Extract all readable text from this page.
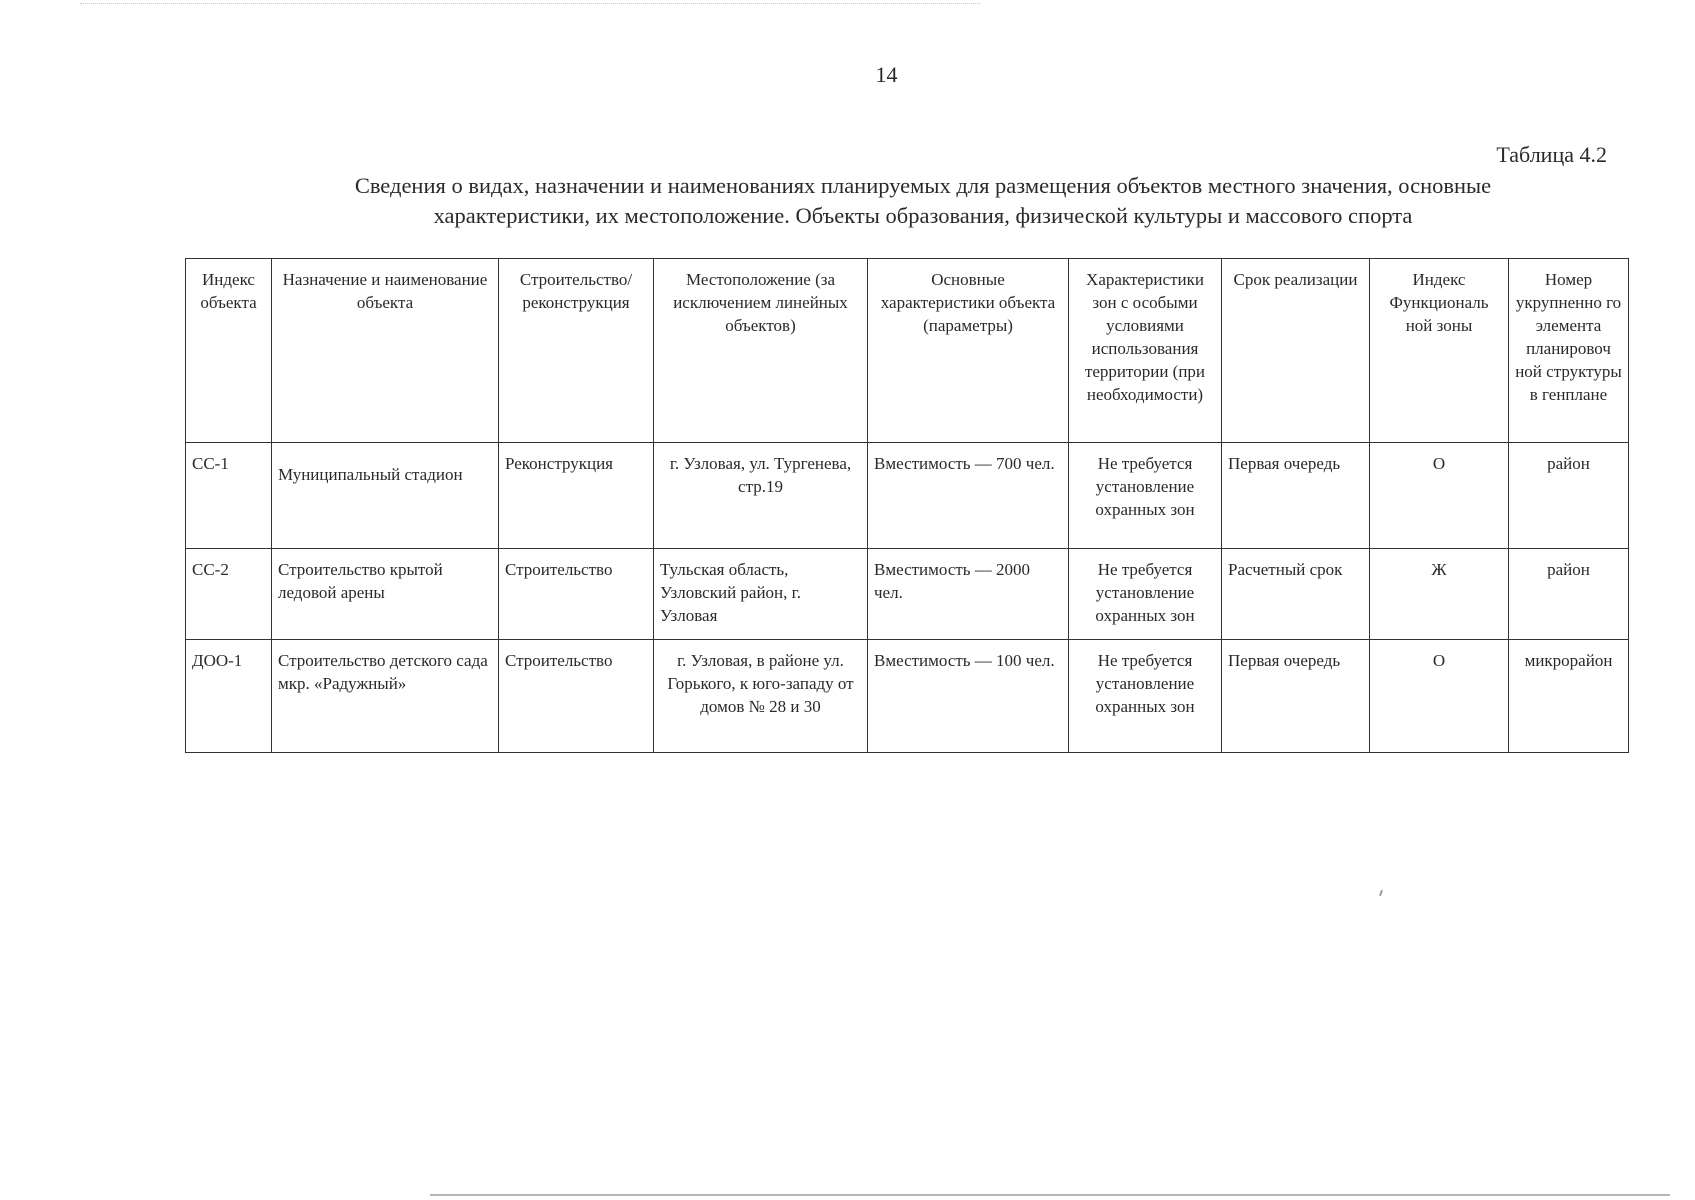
14
Таблица 4.2
Сведения о видах, назначении и наименованиях планируемых для размещения объектов местного значения, основные
характеристики, их местоположение. Объекты образования, физической культуры и массового спорта
Индекс объекта	Назначение и наименование объекта	Строительство/ реконструкция	Местоположение (за исключением линейных объектов)	Основные характеристики объекта (параметры)	Характеристики зон с особыми условиями использования территории (при необходимости)	Срок реализации	Индекс Функциональ ной зоны	Номер укрупненно го элемента планировоч ной структуры в генплане
СС-1	Муниципальный стадион	Реконструкция	г. Узловая, ул. Тургенева, стр.19	Вместимость — 700 чел.	Не требуется установление охранных зон	Первая очередь	О	район
СС-2	Строительство крытой ледовой арены	Строительство	Тульская область, Узловский район, г. Узловая	Вместимость — 2000 чел.	Не требуется установление охранных зон	Расчетный срок	Ж	район
ДОО-1	Строительство детского сада мкр. «Радужный»	Строительство	г. Узловая, в районе ул. Горького, к юго-западу от домов № 28 и 30	Вместимость — 100 чел.	Не требуется установление охранных зон	Первая очередь	О	микрорайон
